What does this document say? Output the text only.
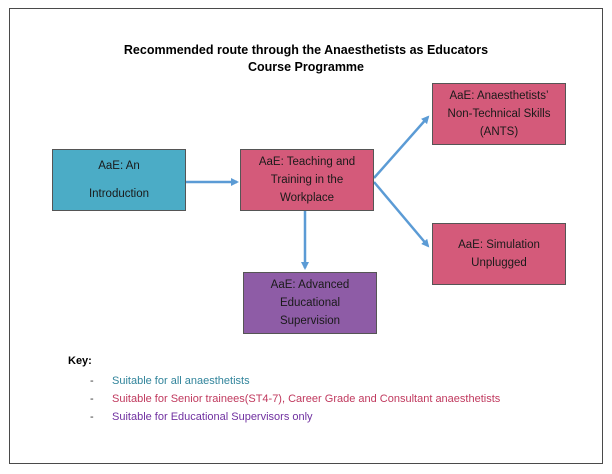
Recommended route through the Anaesthetists as Educators
Course Programme
AaE: An
Introduction
AaE: Teaching and
Training in the
Workplace
AaE: Anaesthetists’
Non-Technical Skills
(ANTS)
AaE: Simulation
Unplugged
AaE: Advanced
Educational
Supervision
Key:
-	Suitable for all anaesthetists
-	Suitable for Senior trainees(ST4-7), Career Grade and Consultant anaesthetists
-	Suitable for Educational Supervisors only
